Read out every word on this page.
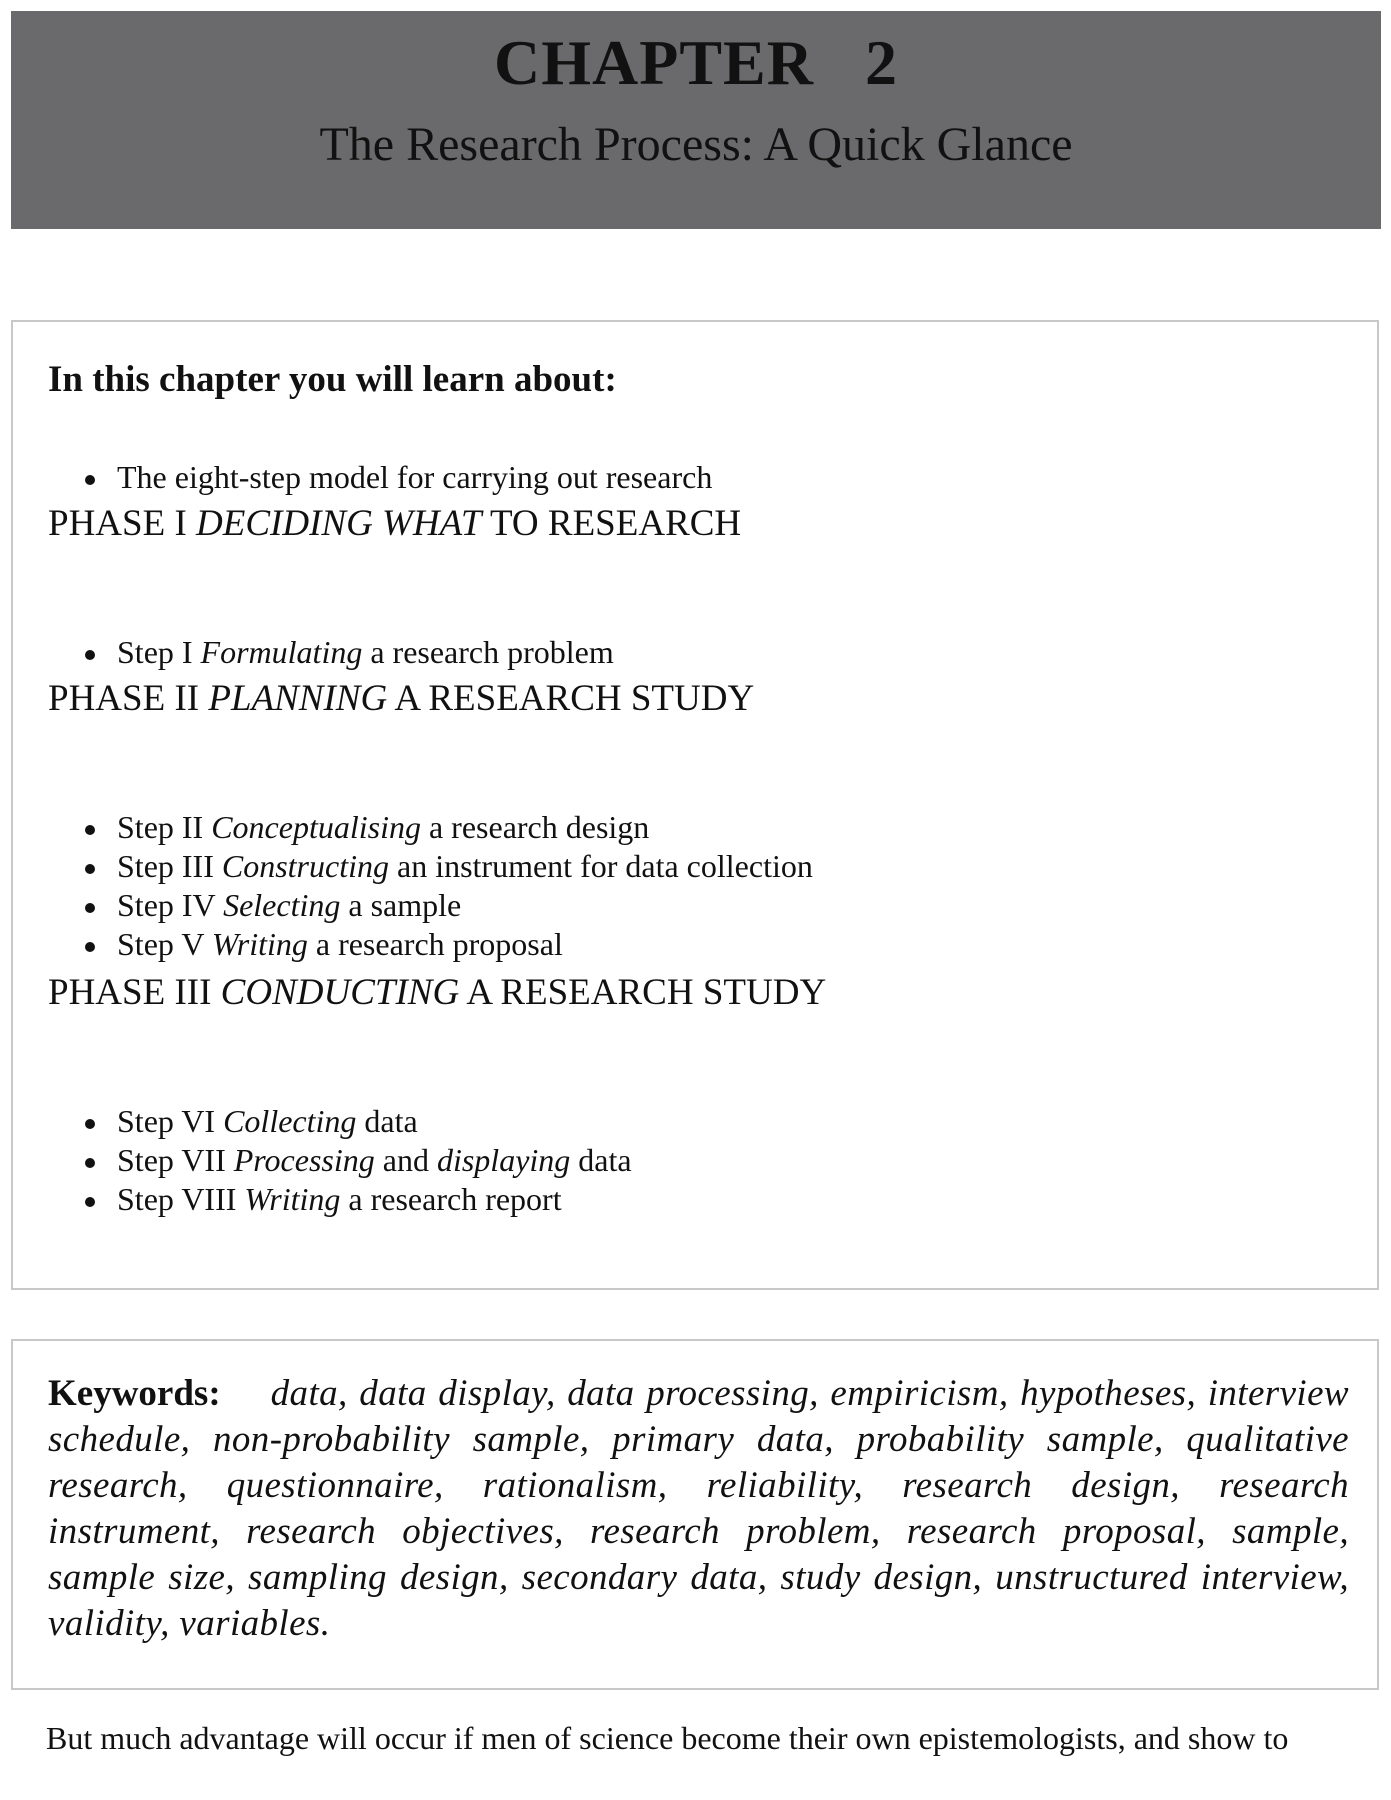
CHAPTER   2
The Research Process: A Quick Glance
In this chapter you will learn about:
The eight-step model for carrying out research
PHASE I DECIDING WHAT TO RESEARCH
Step I Formulating a research problem
PHASE II PLANNING A RESEARCH STUDY
Step II Conceptualising a research design
Step III Constructing an instrument for data collection
Step IV Selecting a sample
Step V Writing a research proposal
PHASE III CONDUCTING A RESEARCH STUDY
Step VI Collecting data
Step VII Processing and displaying data
Step VIII Writing a research report
Keywords: data, data display, data processing, empiricism, hypotheses, interview schedule, non-probability sample, primary data, probability sample, qualitative research, questionnaire, rationalism, reliability, research design, research instrument, research objectives, research problem, research proposal, sample, sample size, sampling design, secondary data, study design, unstructured interview, validity, variables.
But much advantage will occur if men of science become their own epistemologists, and show to
